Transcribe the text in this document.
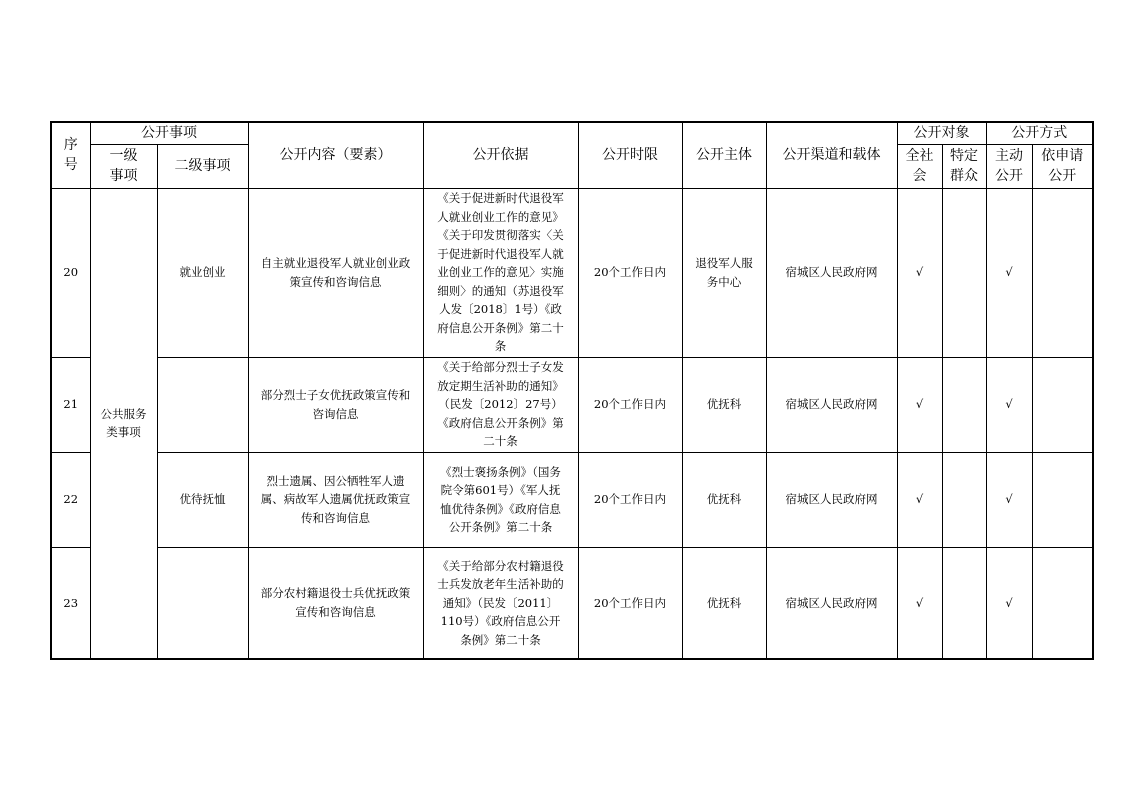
序号	公开事项		公开内容（要素）	公开依据	公开时限	公开主体	公开渠道和载体	公开对象		公开方式	

	一级事项	二级事项						全社会	特定群众	主动公开	依申请公开

20	公共服务类事项	就业创业	自主就业退役军人就业创业政策宣传和咨询信息	《关于促进新时代退役军人就业创业工作的意见》《关于印发贯彻落实〈关于促进新时代退役军人就业创业工作的意见〉实施细则〉的通知（苏退役军人发〔2018〕1号）《政府信息公开条例》第二十条	20个工作日内	退役军人服务中心	宿城区人民政府网	√		√	
21			部分烈士子女优抚政策宣传和咨询信息	《关于给部分烈士子女发放定期生活补助的通知》（民发〔2012〕27号）《政府信息公开条例》第二十条	20个工作日内	优抚科	宿城区人民政府网	√		√	
22		优待抚恤	烈士遗属、因公牺牲军人遗属、病故军人遗属优抚政策宣传和咨询信息	《烈士褒扬条例》（国务院令第601号）《军人抚恤优待条例》《政府信息公开条例》第二十条	20个工作日内	优抚科	宿城区人民政府网	√		√	
23			部分农村籍退役士兵优抚政策宣传和咨询信息	《关于给部分农村籍退役士兵发放老年生活补助的通知》（民发〔2011〕110号）《政府信息公开条例》第二十条	20个工作日内	优抚科	宿城区人民政府网	√		√	
